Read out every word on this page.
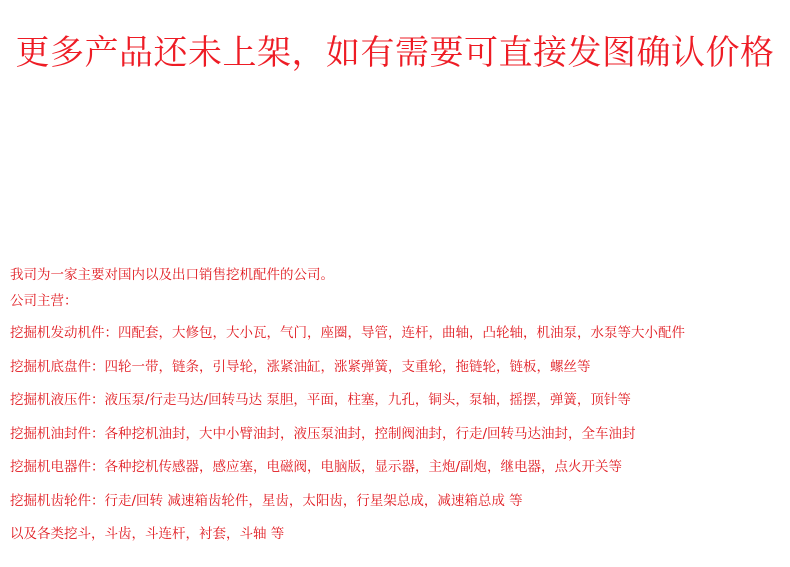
更多产品还未上架，如有需要可直接发图确认价格
我司为一家主要对国内以及出口销售挖机配件的公司。
公司主营：
挖掘机发动机件：四配套，大修包，大小瓦，气门，座圈，导管，连杆，曲轴，凸轮轴，机油泵，水泵等大小配件
挖掘机底盘件：四轮一带，链条，引导轮，涨紧油缸，涨紧弹簧，支重轮，拖链轮，链板，螺丝等
挖掘机液压件：液压泵/行走马达/回转马达 泵胆，平面，柱塞，九孔，铜头，泵轴，摇摆，弹簧，顶针等
挖掘机油封件：各种挖机油封，大中小臂油封，液压泵油封，控制阀油封，行走/回转马达油封，全车油封
挖掘机电器件：各种挖机传感器，感应塞，电磁阀，电脑版，显示器，主炮/副炮，继电器，点火开关等
挖掘机齿轮件：行走/回转 减速箱齿轮件，星齿，太阳齿，行星架总成，减速箱总成 等
以及各类挖斗，斗齿，斗连杆，衬套，斗轴 等
